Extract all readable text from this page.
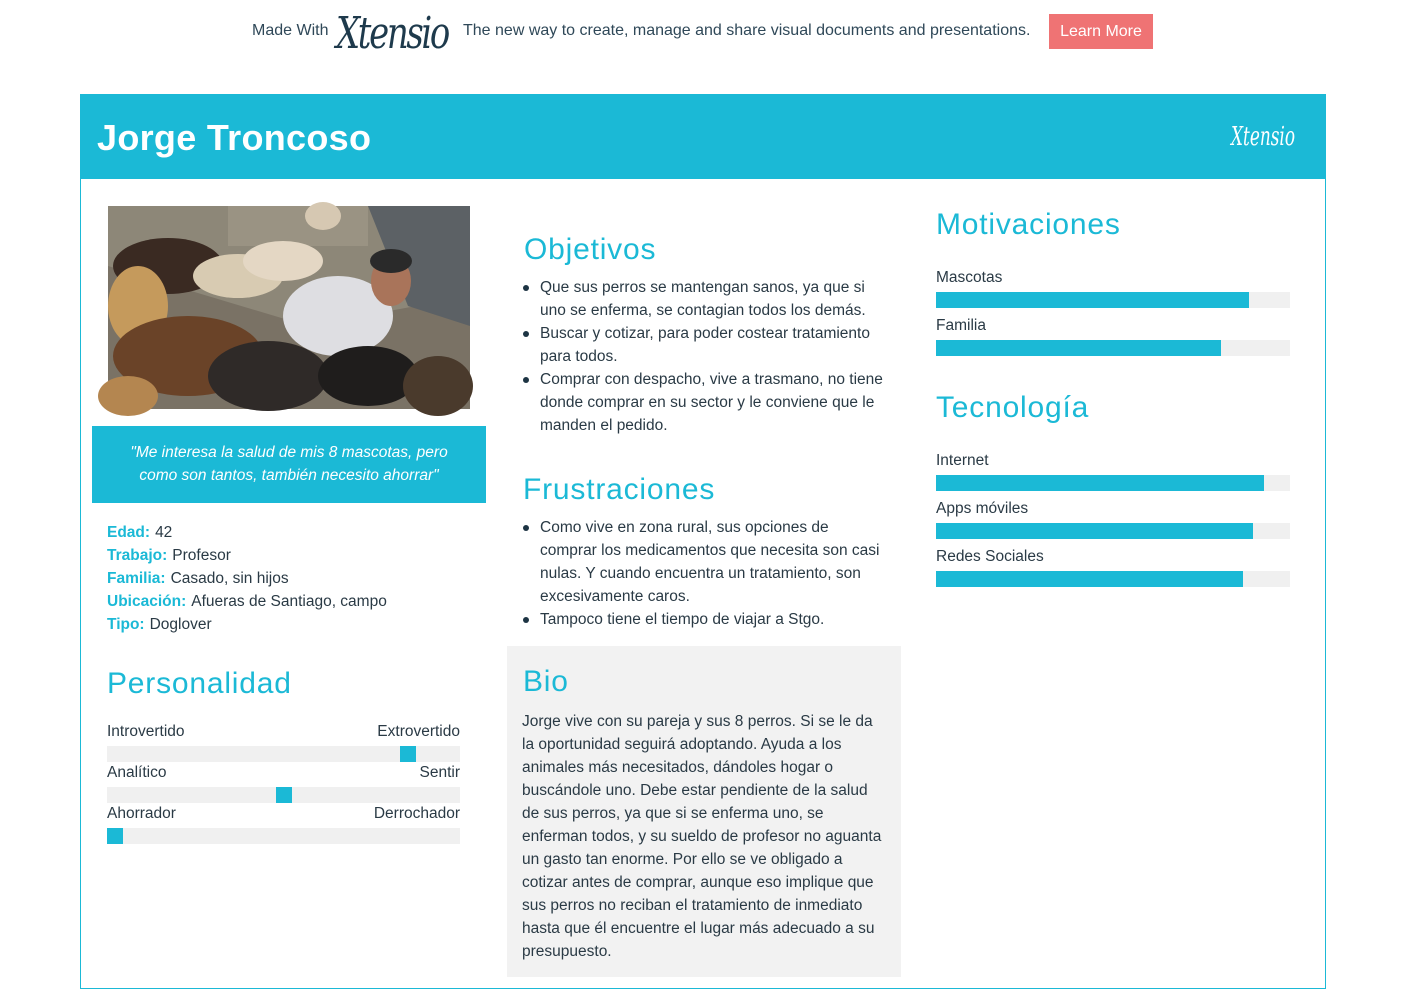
Made With Xtensio The new way to create, manage and share visual documents and presentations.	Learn More
Jorge Troncoso	Xtensio
"Me interesa la salud de mis 8 mascotas, pero como son tantos, también necesito ahorrar"
Edad: 42
Trabajo: Profesor
Familia: Casado, sin hijos
Ubicación: Afueras de Santiago, campo
Tipo: Doglover
Personalidad
Introvertido	Extrovertido
Analítico	Sentir
Ahorrador	Derrochador
Objetivos
Que sus perros se mantengan sanos, ya que si uno se enferma, se contagian todos los demás.
Buscar y cotizar, para poder costear tratamiento para todos.
Comprar con despacho, vive a trasmano, no tiene donde comprar en su sector y le conviene que le manden el pedido.
Frustraciones
Como vive en zona rural, sus opciones de comprar los medicamentos que necesita son casi nulas. Y cuando encuentra un tratamiento, son excesivamente caros.
Tampoco tiene el tiempo de viajar a Stgo.
Bio

Jorge vive con su pareja y sus 8 perros. Si se le da la oportunidad seguirá adoptando. Ayuda a los animales más necesitados, dándoles hogar o buscándole uno. Debe estar pendiente de la salud de sus perros, ya que si se enferma uno, se enferman todos, y su sueldo de profesor no aguanta un gasto tan enorme. Por ello se ve obligado a cotizar antes de comprar, aunque eso implique que sus perros no reciban el tratamiento de inmediato hasta que él encuentre el lugar más adecuado a su presupuesto.

Motivaciones
Mascotas
Familia
Tecnología
Internet
Apps móviles
Redes Sociales
